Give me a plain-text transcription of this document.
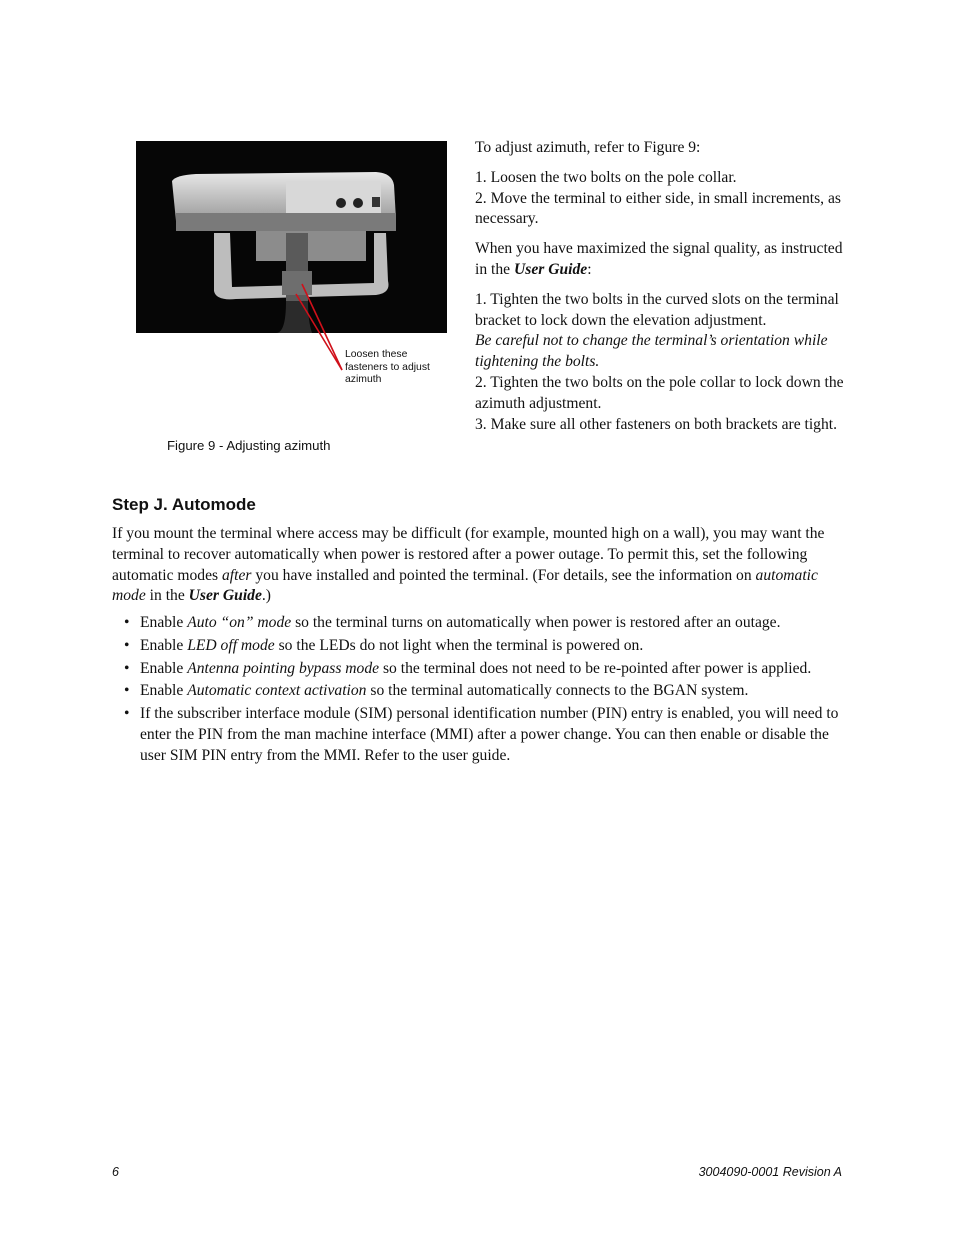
Loosen these fasteners to adjust azimuth
Figure 9 - Adjusting azimuth

To adjust azimuth, refer to Figure 9:

1. Loosen the two bolts on the pole collar.

2. Move the terminal to either side, in small increments, as necessary.

When you have maximized the signal quality, as instructed in the User Guide:

1. Tighten the two bolts in the curved slots on the terminal bracket to lock down the elevation adjustment.

Be careful not to change the terminal’s orientation while tightening the bolts.

2. Tighten the two bolts on the pole collar to lock down the azimuth adjustment.

3. Make sure all other fasteners on both brackets are tight.

Step J. Automode

If you mount the terminal where access may be difficult (for example, mounted high on a wall), you may want the terminal to recover automatically when power is restored after a power outage. To permit this, set the following automatic modes after you have installed and pointed the terminal. (For details, see the information on automatic mode in the User Guide.)

• Enable Auto “on” mode so the terminal turns on automatically when power is restored after an outage.
• Enable LED off mode so the LEDs do not light when the terminal is powered on.
• Enable Antenna pointing bypass mode so the terminal does not need to be re-pointed after power is applied.
• Enable Automatic context activation so the terminal automatically connects to the BGAN system.
• If the subscriber interface module (SIM) personal identification number (PIN) entry is enabled, you will need to enter the PIN from the man machine interface (MMI) after a power change. You can then enable or disable the user SIM PIN entry from the MMI. Refer to the user guide.
6	3004090-0001 Revision A
